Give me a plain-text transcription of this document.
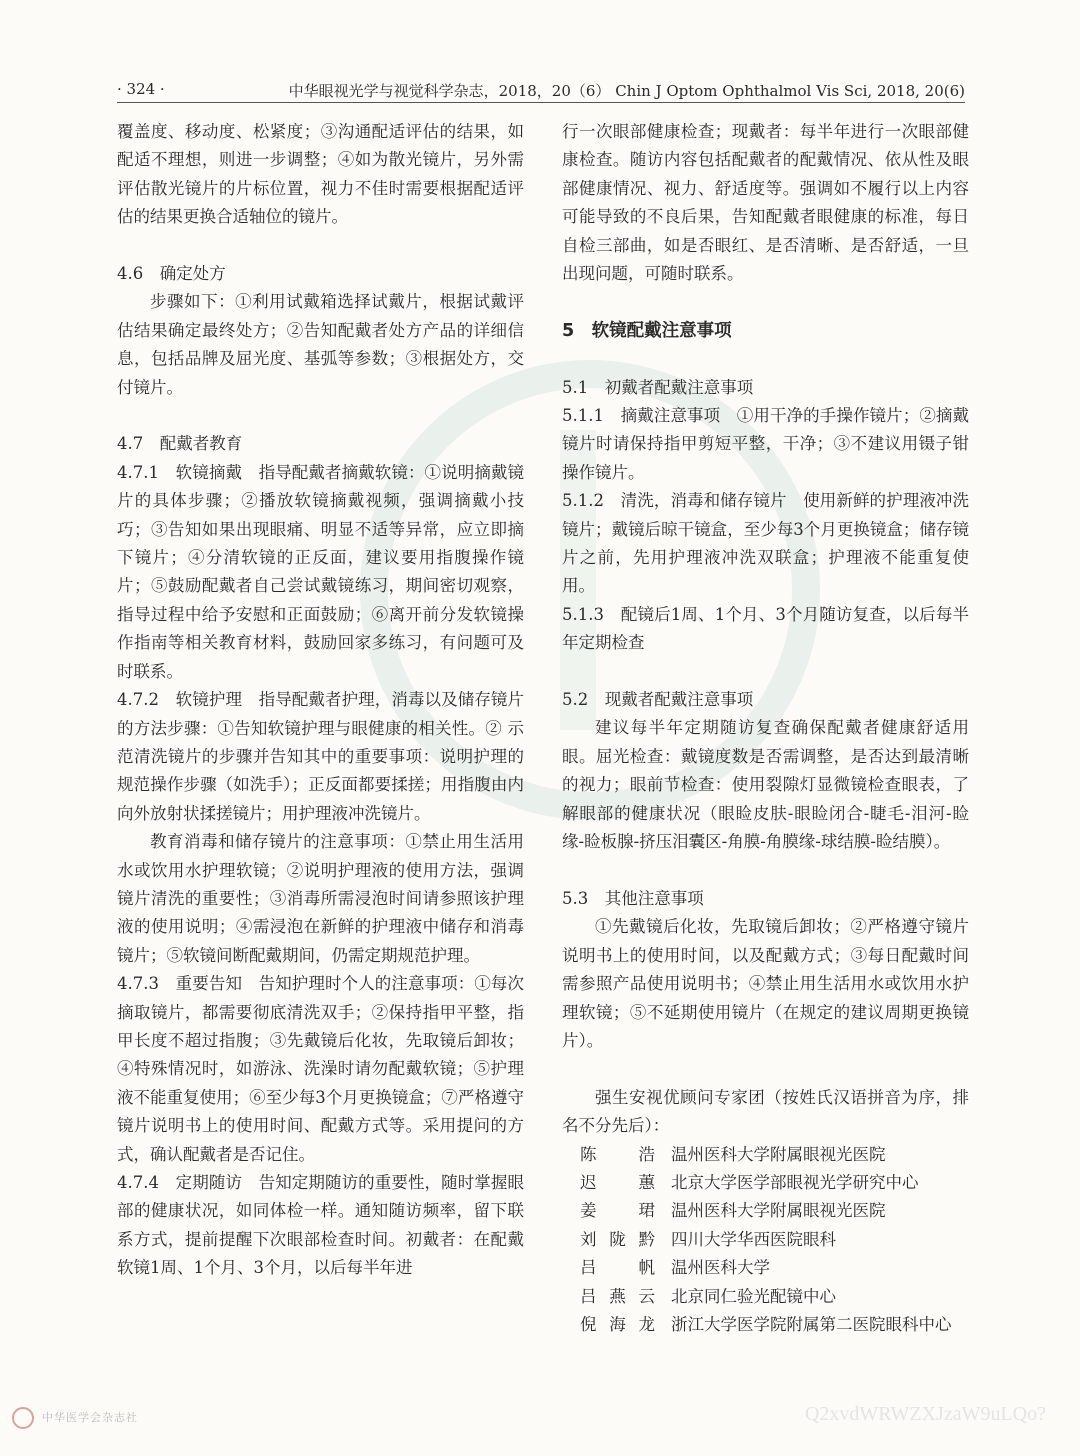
· 324 ·	中华眼视光学与视觉科学杂志，2018，20（6） Chin J Optom Ophthalmol Vis Sci, 2018, 20(6)

覆盖度、移动度、松紧度；③沟通配适评估的结果，如配适不理想，则进一步调整；④如为散光镜片，另外需评估散光镜片的片标位置，视力不佳时需要根据配适评估的结果更换合适轴位的镜片。

4.6　确定处方

步骤如下：①利用试戴箱选择试戴片，根据试戴评估结果确定最终处方；②告知配戴者处方产品的详细信息，包括品牌及屈光度、基弧等参数；③根据处方，交付镜片。

4.7　配戴者教育

4.7.1　软镜摘戴　指导配戴者摘戴软镜：①说明摘戴镜片的具体步骤；②播放软镜摘戴视频，强调摘戴小技巧；③告知如果出现眼痛、明显不适等异常，应立即摘下镜片；④分清软镜的正反面，建议要用指腹操作镜片；⑤鼓励配戴者自己尝试戴镜练习，期间密切观察，指导过程中给予安慰和正面鼓励；⑥离开前分发软镜操作指南等相关教育材料，鼓励回家多练习，有问题可及时联系。

4.7.2　软镜护理　指导配戴者护理，消毒以及储存镜片的方法步骤：①告知软镜护理与眼健康的相关性。② 示范清洗镜片的步骤并告知其中的重要事项：说明护理的规范操作步骤（如洗手）；正反面都要揉搓；用指腹由内向外放射状揉搓镜片；用护理液冲洗镜片。

教育消毒和储存镜片的注意事项：①禁止用生活用水或饮用水护理软镜；②说明护理液的使用方法，强调镜片清洗的重要性；③消毒所需浸泡时间请参照该护理液的使用说明；④需浸泡在新鲜的护理液中储存和消毒镜片；⑤软镜间断配戴期间，仍需定期规范护理。

4.7.3　重要告知　告知护理时个人的注意事项：①每次摘取镜片，都需要彻底清洗双手；②保持指甲平整，指甲长度不超过指腹；③先戴镜后化妆，先取镜后卸妆；④特殊情况时，如游泳、洗澡时请勿配戴软镜；⑤护理液不能重复使用；⑥至少每3个月更换镜盒；⑦严格遵守镜片说明书上的使用时间、配戴方式等。采用提问的方式，确认配戴者是否记住。

4.7.4　定期随访　告知定期随访的重要性，随时掌握眼部的健康状况，如同体检一样。通知随访频率，留下联系方式，提前提醒下次眼部检查时间。初戴者：在配戴软镜1周、1个月、3个月，以后每半年进

行一次眼部健康检查；现戴者：每半年进行一次眼部健康检查。随访内容包括配戴者的配戴情况、依从性及眼部健康情况、视力、舒适度等。强调如不履行以上内容可能导致的不良后果，告知配戴者眼健康的标准，每日自检三部曲，如是否眼红、是否清晰、是否舒适，一旦出现问题，可随时联系。

5　软镜配戴注意事项

5.1　初戴者配戴注意事项

5.1.1　摘戴注意事项　①用干净的手操作镜片；②摘戴镜片时请保持指甲剪短平整，干净；③不建议用镊子钳操作镜片。

5.1.2　清洗，消毒和储存镜片　使用新鲜的护理液冲洗镜片；戴镜后晾干镜盒，至少每3个月更换镜盒；储存镜片之前，先用护理液冲洗双联盒；护理液不能重复使用。

5.1.3　配镜后1周、1个月、3个月随访复查，以后每半年定期检查

5.2　现戴者配戴注意事项

建议每半年定期随访复查确保配戴者健康舒适用眼。屈光检查：戴镜度数是否需调整，是否达到最清晰的视力；眼前节检查：使用裂隙灯显微镜检查眼表，了解眼部的健康状况（眼睑皮肤-眼睑闭合-睫毛-泪河-睑缘-睑板腺-挤压泪囊区-角膜-角膜缘-球结膜-睑结膜）。

5.3　其他注意事项

①先戴镜后化妆，先取镜后卸妆；②严格遵守镜片说明书上的使用时间，以及配戴方式；③每日配戴时间需参照产品使用说明书；④禁止用生活用水或饮用水护理软镜；⑤不延期使用镜片（在规定的建议周期更换镜片）。

强生安视优顾问专家团（按姓氏汉语拼音为序，排名不分先后）：

陈浩 温州医科大学附属眼视光医院
迟蕙 北京大学医学部眼视光学研究中心
姜珺 温州医科大学附属眼视光医院
刘陇黔 四川大学华西医院眼科
吕帆 温州医科大学
吕燕云 北京同仁验光配镜中心
倪海龙 浙江大学医学院附属第二医院眼科中心
中华医学会杂志社	Q2xvdWRWZXJzaW9uLQo?
